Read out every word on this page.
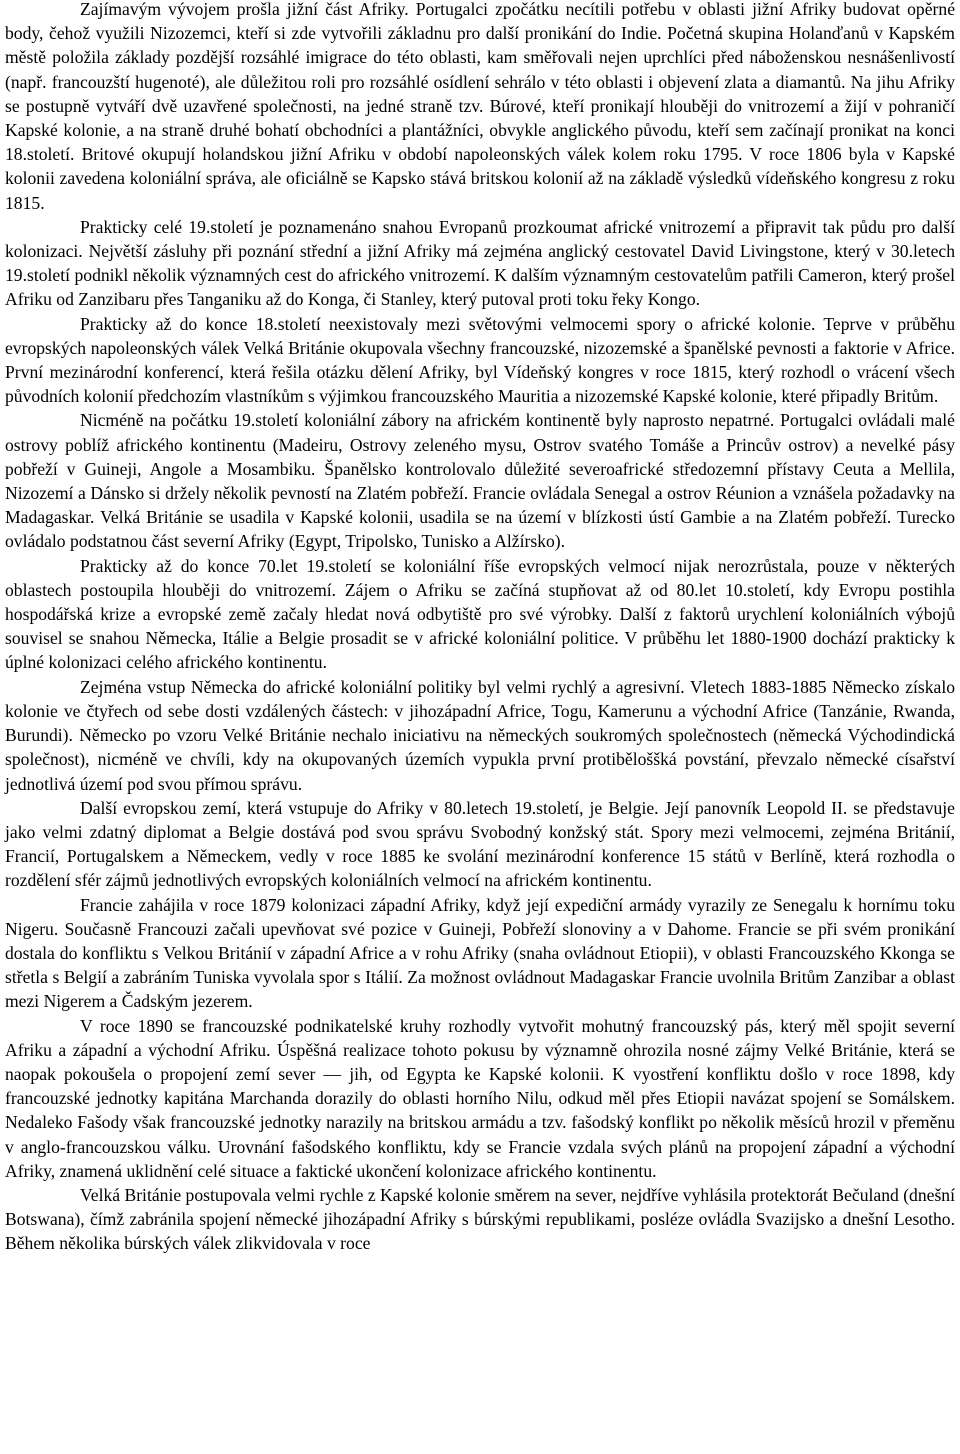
Zajímavým vývojem prošla jižní část Afriky. Portugalci zpočátku necítili potřebu v oblasti jižní Afriky budovat opěrné body, čehož využili Nizozemci, kteří si zde vytvořili základnu pro další pronikání do Indie. Početná skupina Holanďanů v Kapském městě položila základy pozdější rozsáhlé imigrace do této oblasti, kam směřovali nejen uprchlíci před náboženskou nesnášenlivostí (např. francouzští hugenoté), ale důležitou roli pro rozsáhlé osídlení sehrálo v této oblasti i objevení zlata a diamantů. Na jihu Afriky se postupně vytváří dvě uzavřené společnosti, na jedné straně tzv. Búrové, kteří pronikají hlouběji do vnitrozemí a žijí v pohraničí Kapské kolonie, a na straně druhé bohatí obchodníci a plantážníci, obvykle anglického původu, kteří sem začínají pronikat na konci 18.století. Britové okupují holandskou jižní Afriku v období napoleonských válek kolem roku 1795. V roce 1806 byla v Kapské kolonii zavedena koloniální správa, ale oficiálně se Kapsko stává britskou kolonií až na základě výsledků vídeňského kongresu z roku 1815.

Prakticky celé 19.století je poznamenáno snahou Evropanů prozkoumat africké vnitrozemí a připravit tak půdu pro další kolonizaci. Největší zásluhy při poznání střední a jižní Afriky má zejména anglický cestovatel David Livingstone, který v 30.letech 19.století podnikl několik významných cest do afrického vnitrozemí. K dalším významným cestovatelům patřili Cameron, který prošel Afriku od Zanzibaru přes Tanganiku až do Konga, či Stanley, který putoval proti toku řeky Kongo.

Prakticky až do konce 18.století neexistovaly mezi světovými velmocemi spory o africké kolonie. Teprve v průběhu evropských napoleonských válek Velká Británie okupovala všechny francouzské, nizozemské a španělské pevnosti a faktorie v Africe. První mezinárodní konferencí, která řešila otázku dělení Afriky, byl Vídeňský kongres v roce 1815, který rozhodl o vrácení všech původních kolonií předchozím vlastníkům s výjimkou francouzského Mauritia a nizozemské Kapské kolonie, které připadly Britům.

Nicméně na počátku 19.století koloniální zábory na africkém kontinentě byly naprosto nepatrné. Portugalci ovládali malé ostrovy poblíž afrického kontinentu (Madeiru, Ostrovy zeleného mysu, Ostrov svatého Tomáše a Princův ostrov) a nevelké pásy pobřeží v Guineji, Angole a Mosambiku. Španělsko kontrolovalo důležité severoafrické středozemní přístavy Ceuta a Mellila, Nizozemí a Dánsko si držely několik pevností na Zlatém pobřeží. Francie ovládala Senegal a ostrov Réunion a vznášela požadavky na Madagaskar. Velká Británie se usadila v Kapské kolonii, usadila se na území v blízkosti ústí Gambie a na Zlatém pobřeží. Turecko ovládalo podstatnou část severní Afriky (Egypt, Tripolsko, Tunisko a Alžírsko).

Prakticky až do konce 70.let 19.století se koloniální říše evropských velmocí nijak nerozrůstala, pouze v některých oblastech postoupila hlouběji do vnitrozemí. Zájem o Afriku se začíná stupňovat až od 80.let 10.století, kdy Evropu postihla hospodářská krize a evropské země začaly hledat nová odbytiště pro své výrobky. Další z faktorů urychlení koloniálních výbojů souvisel se snahou Německa, Itálie a Belgie prosadit se v africké koloniální politice. V průběhu let 1880-1900 dochází prakticky k úplné kolonizaci celého afrického kontinentu.

Zejména vstup Německa do africké koloniální politiky byl velmi rychlý a agresivní. Vletech 1883-1885 Německo získalo kolonie ve čtyřech od sebe dosti vzdálených částech: v jihozápadní Africe, Togu, Kamerunu a východní Africe (Tanzánie, Rwanda, Burundi). Německo po vzoru Velké Británie nechalo iniciativu na německých soukromých společnostech (německá Východindická společnost), nicméně ve chvíli, kdy na okupovaných územích vypukla první protiběloššká povstání, převzalo německé císařství jednotlivá území pod svou přímou správu.

Další evropskou zemí, která vstupuje do Afriky v 80.letech 19.století, je Belgie. Její panovník Leopold II. se představuje jako velmi zdatný diplomat a Belgie dostává pod svou správu Svobodný konžský stát. Spory mezi velmocemi, zejména Británií, Francií, Portugalskem a Německem, vedly v roce 1885 ke svolání mezinárodní konference 15 států v Berlíně, která rozhodla o rozdělení sfér zájmů jednotlivých evropských koloniálních velmocí na africkém kontinentu.

Francie zahájila v roce 1879 kolonizaci západní Afriky, když její expediční armády vyrazily ze Senegalu k hornímu toku Nigeru. Současně Francouzi začali upevňovat své pozice v Guineji, Pobřeží slonoviny a v Dahome. Francie se při svém pronikání dostala do konfliktu s Velkou Británií v západní Africe a v rohu Afriky (snaha ovládnout Etiopii), v oblasti Francouzského Kkonga se střetla s Belgií a zabráním Tuniska vyvolala spor s Itálií. Za možnost ovládnout Madagaskar Francie uvolnila Britům Zanzibar a oblast mezi Nigerem a Čadským jezerem.

V roce 1890 se francouzské podnikatelské kruhy rozhodly vytvořit mohutný francouzský pás, který měl spojit severní Afriku a západní a východní Afriku. Úspěšná realizace tohoto pokusu by významně ohrozila nosné zájmy Velké Británie, která se naopak pokoušela o propojení zemí sever — jih, od Egypta ke Kapské kolonii. K vyostření konfliktu došlo v roce 1898, kdy francouzské jednotky kapitána Marchanda dorazily do oblasti horního Nilu, odkud měl přes Etiopii navázat spojení se Somálskem. Nedaleko Fašody však francouzské jednotky narazily na britskou armádu a tzv. fašodský konflikt po několik měsíců hrozil v přeměnu v anglo-francouzskou válku. Urovnání fašodského konfliktu, kdy se Francie vzdala svých plánů na propojení západní a východní Afriky, znamená uklidnění celé situace a faktické ukončení kolonizace afrického kontinentu.

Velká Británie postupovala velmi rychle z Kapské kolonie směrem na sever, nejdříve vyhlásila protektorát Bečuland (dnešní Botswana), čímž zabránila spojení německé jihozápadní Afriky s búrskými republikami, posléze ovládla Svazijsko a dnešní Lesotho. Během několika búrských válek zlikvidovala v roce
